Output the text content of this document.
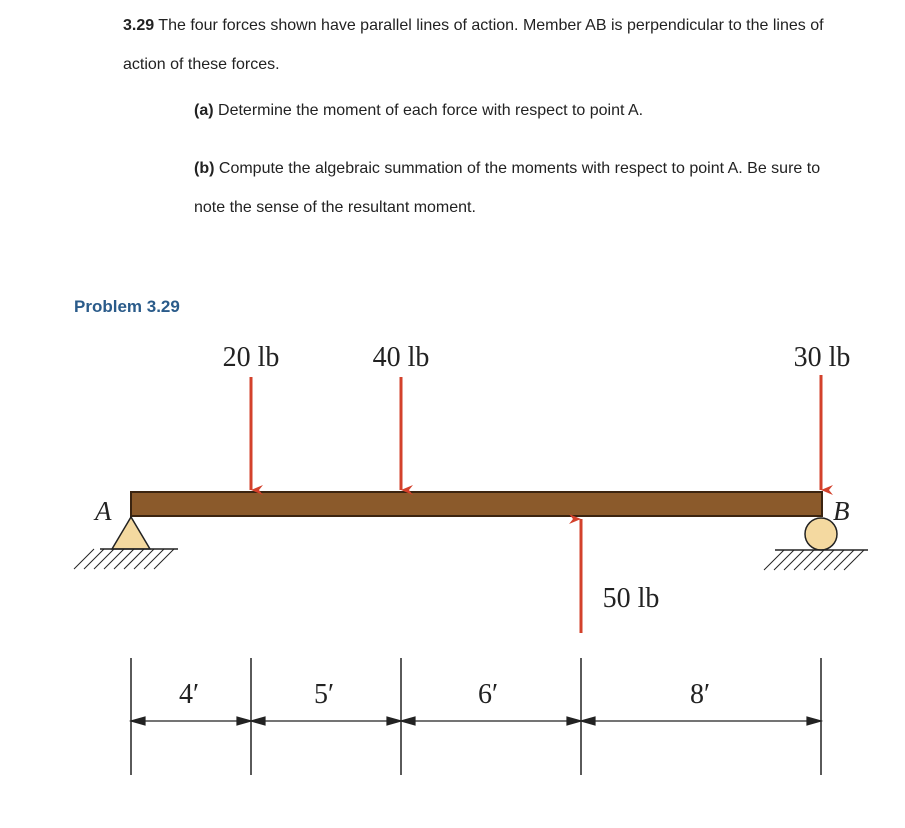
3.29 The four forces shown have parallel lines of action. Member AB is perpendicular to the lines of
action of these forces.
(a) Determine the moment of each force with respect to point A.
(b) Compute the algebraic summation of the moments with respect to point A. Be sure to
note the sense of the resultant moment.
Problem 3.29
A	B
20 lb	40 lb
50 lb
30 lb
4′	5′	6′	8′
